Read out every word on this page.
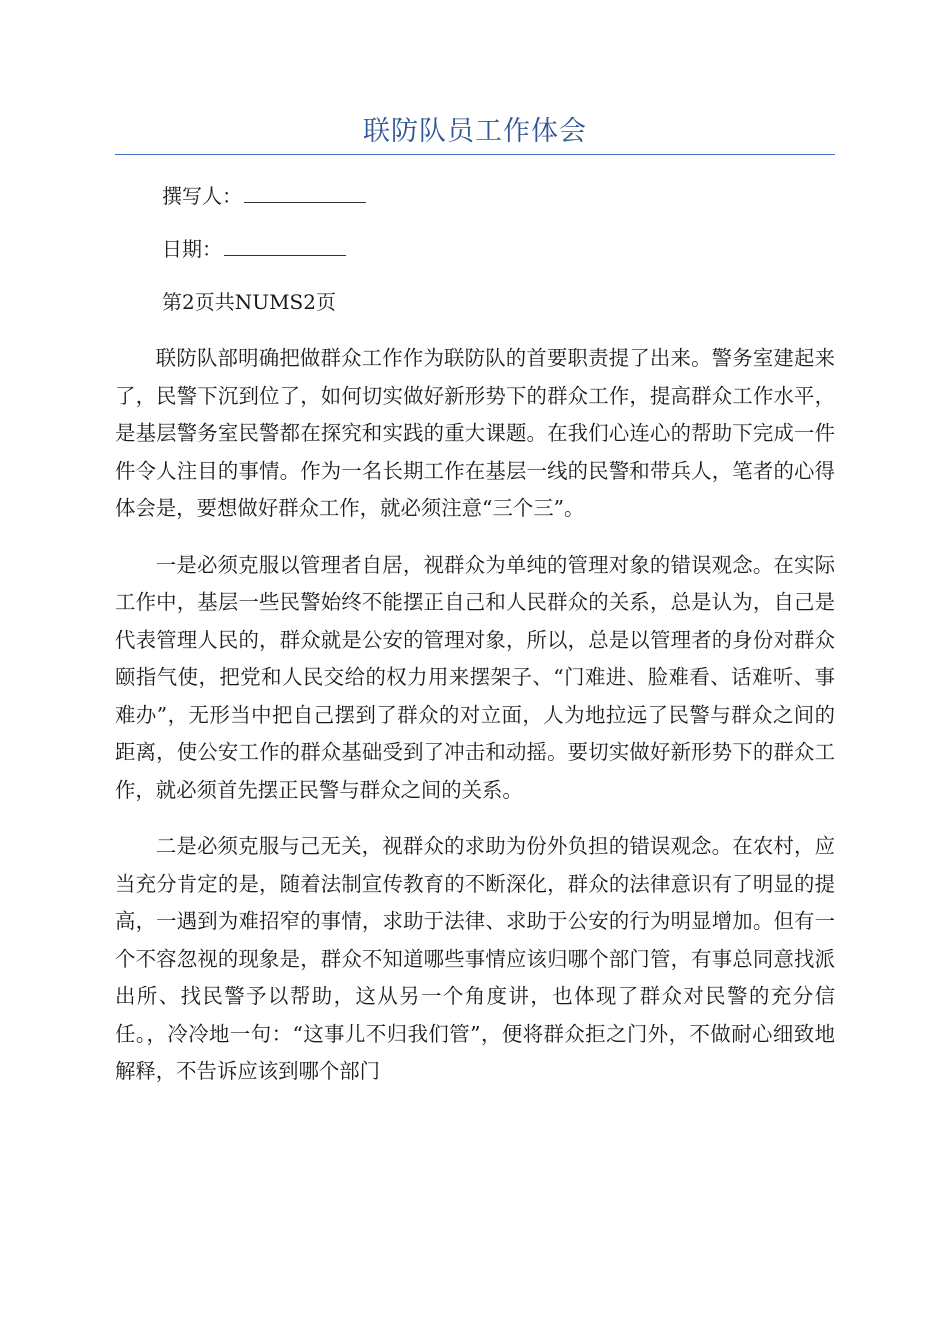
联防队员工作体会
撰写人：
日期：
第2页共NUMS2页

联防队部明确把做群众工作作为联防队的首要职责提了出来。警务室建起来了，民警下沉到位了，如何切实做好新形势下的群众工作，提高群众工作水平，是基层警务室民警都在探究和实践的重大课题。在我们心连心的帮助下完成一件件令人注目的事情。作为一名长期工作在基层一线的民警和带兵人，笔者的心得体会是，要想做好群众工作，就必须注意“三个三”。

一是必须克服以管理者自居，视群众为单纯的管理对象的错误观念。在实际工作中，基层一些民警始终不能摆正自己和人民群众的关系，总是认为，自己是代表管理人民的，群众就是公安的管理对象，所以，总是以管理者的身份对群众颐指气使，把党和人民交给的权力用来摆架子、“门难进、脸难看、话难听、事难办”，无形当中把自己摆到了群众的对立面，人为地拉远了民警与群众之间的距离，使公安工作的群众基础受到了冲击和动摇。要切实做好新形势下的群众工作，就必须首先摆正民警与群众之间的关系。

二是必须克服与己无关，视群众的求助为份外负担的错误观念。在农村，应当充分肯定的是，随着法制宣传教育的不断深化，群众的法律意识有了明显的提高，一遇到为难招窄的事情，求助于法律、求助于公安的行为明显增加。但有一个不容忽视的现象是，群众不知道哪些事情应该归哪个部门管，有事总同意找派出所、找民警予以帮助，这从另一个角度讲，也体现了群众对民警的充分信任。，冷冷地一句：“这事儿不归我们管”，便将群众拒之门外，不做耐心细致地解释，不告诉应该到哪个部门
